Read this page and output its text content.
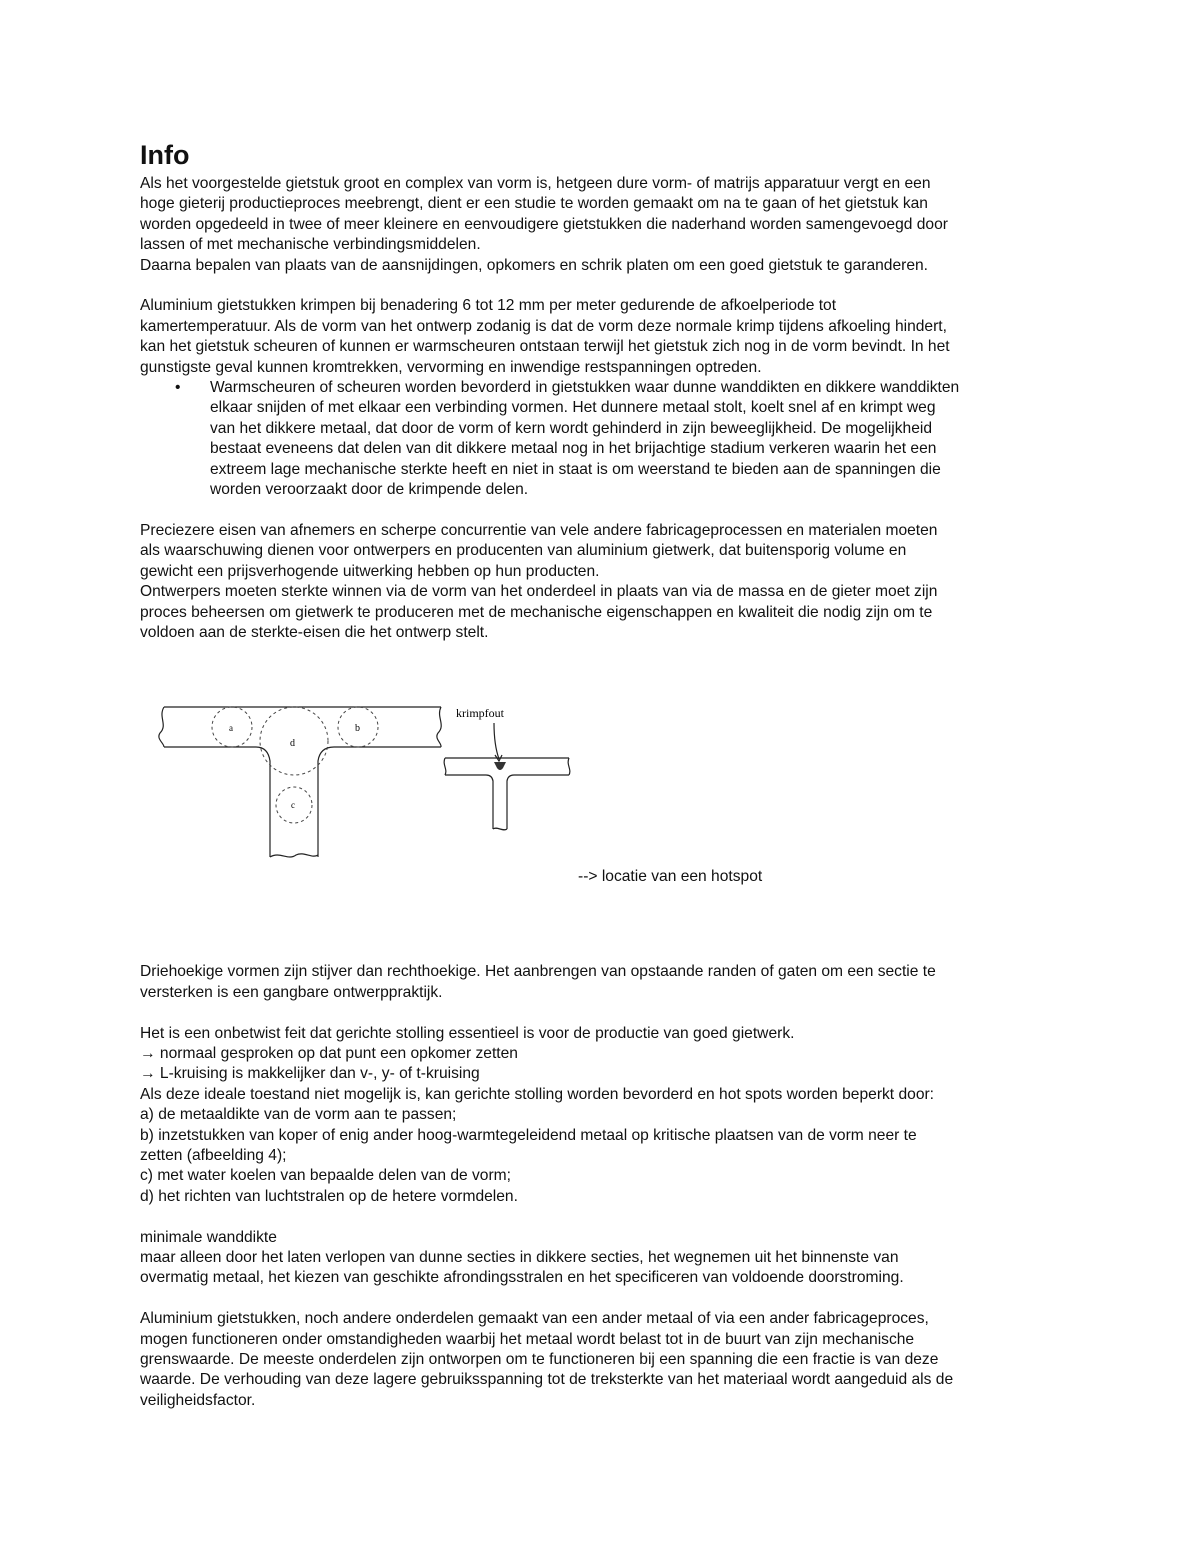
Info

Als het voorgestelde gietstuk groot en complex van vorm is, hetgeen dure vorm- of matrijs apparatuur vergt en een

hoge gieterij productieproces meebrengt, dient er een studie te worden gemaakt om na te gaan of het gietstuk kan

worden opgedeeld in twee of meer kleinere en eenvoudigere gietstukken die naderhand worden samengevoegd door

lassen of met mechanische verbindingsmiddelen.

Daarna bepalen van plaats van de aansnijdingen, opkomers en schrik platen om een goed gietstuk te garanderen.

Aluminium gietstukken krimpen bij benadering 6 tot 12 mm per meter gedurende de afkoelperiode tot

kamertemperatuur. Als de vorm van het ontwerp zodanig is dat de vorm deze normale krimp tijdens afkoeling hindert,

kan het gietstuk scheuren of kunnen er warmscheuren ontstaan terwijl het gietstuk zich nog in de vorm bevindt. In het

gunstigste geval kunnen kromtrekken, vervorming en inwendige restspanningen optreden.

• Warmscheuren of scheuren worden bevorderd in gietstukken waar dunne wanddikten en dikkere wanddikten
elkaar snijden of met elkaar een verbinding vormen. Het dunnere metaal stolt, koelt snel af en krimpt weg
van het dikkere metaal, dat door de vorm of kern wordt gehinderd in zijn beweeglijkheid. De mogelijkheid
bestaat eveneens dat delen van dit dikkere metaal nog in het brijachtige stadium verkeren waarin het een
extreem lage mechanische sterkte heeft en niet in staat is om weerstand te bieden aan de spanningen die
worden veroorzaakt door de krimpende delen.

Preciezere eisen van afnemers en scherpe concurrentie van vele andere fabricageprocessen en materialen moeten

als waarschuwing dienen voor ontwerpers en producenten van aluminium gietwerk, dat buitensporig volume en

gewicht een prijsverhogende uitwerking hebben op hun producten.

Ontwerpers moeten sterkte winnen via de vorm van het onderdeel in plaats van via de massa en de gieter moet zijn

proces beheersen om gietwerk te produceren met de mechanische eigenschappen en kwaliteit die nodig zijn om te

voldoen aan de sterkte-eisen die het ontwerp stelt.

a	b
c
d
krimpfout
--> locatie van een hotspot

Driehoekige vormen zijn stijver dan rechthoekige. Het aanbrengen van opstaande randen of gaten om een sectie te

versterken is een gangbare ontwerppraktijk.

Het is een onbetwist feit dat gerichte stolling essentieel is voor de productie van goed gietwerk.

→ normaal gesproken op dat punt een opkomer zetten

→ L-kruising is makkelijker dan v-, y- of t-kruising

Als deze ideale toestand niet mogelijk is, kan gerichte stolling worden bevorderd en hot spots worden beperkt door:

a) de metaaldikte van de vorm aan te passen;

b) inzetstukken van koper of enig ander hoog-warmtegeleidend metaal op kritische plaatsen van de vorm neer te

zetten (afbeelding 4);

c) met water koelen van bepaalde delen van de vorm;

d) het richten van luchtstralen op de hetere vormdelen.

minimale wanddikte

maar alleen door het laten verlopen van dunne secties in dikkere secties, het wegnemen uit het binnenste van

overmatig metaal, het kiezen van geschikte afrondingsstralen en het specificeren van voldoende doorstroming.

Aluminium gietstukken, noch andere onderdelen gemaakt van een ander metaal of via een ander fabricageproces,

mogen functioneren onder omstandigheden waarbij het metaal wordt belast tot in de buurt van zijn mechanische

grenswaarde. De meeste onderdelen zijn ontworpen om te functioneren bij een spanning die een fractie is van deze

waarde. De verhouding van deze lagere gebruiksspanning tot de treksterkte van het materiaal wordt aangeduid als de

veiligheidsfactor.
